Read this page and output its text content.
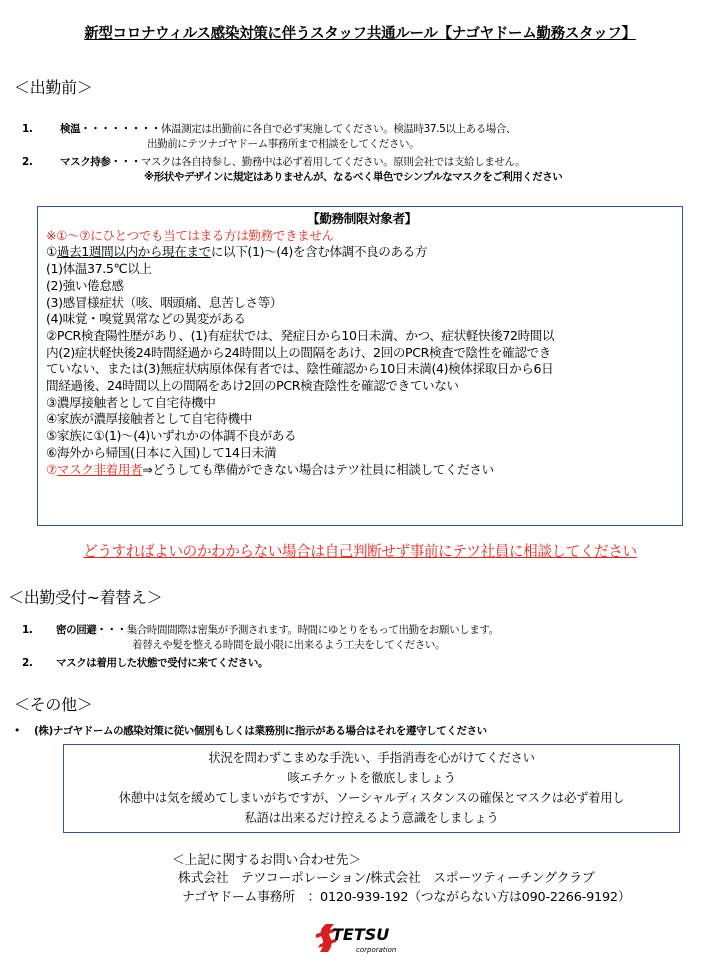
新型コロナウィルス感染対策に伴うスタッフ共通ルール【ナゴヤドーム勤務スタッフ】
＜出勤前＞
1.	検温・・・・・・・・体温測定は出勤前に各自で必ず実施してください。検温時37.5以上ある場合、
出勤前にテツナゴヤドーム事務所まで相談をしてください。
2.	マスク持参・・・マスクは各自持参し、勤務中は必ず着用してください。原則会社では支給しません。
※形状やデザインに規定はありませんが、なるべく単色でシンプルなマスクをご利用ください
【勤務制限対象者】
※①～⑦にひとつでも当てはまる方は勤務できません
①過去1週間以内から現在までに以下(1)～(4)を含む体調不良のある方
(1)体温37.5℃以上
(2)強い倦怠感
(3)感冒様症状（咳、咽頭痛、息苦しさ等）
(4)味覚・嗅覚異常などの異変がある
②PCR検査陽性歴があり、(1)有症状では、発症日から10日未満、かつ、症状軽快後72時間以
内(2)症状軽快後24時間経過から24時間以上の間隔をあけ、2回のPCR検査で陰性を確認でき
ていない、または(3)無症状病原体保有者では、陰性確認から10日未満(4)検体採取日から6日
間経過後、24時間以上の間隔をあけ2回のPCR検査陰性を確認できていない
③濃厚接触者として自宅待機中
④家族が濃厚接触者として自宅待機中
⑤家族に①(1)～(4)いずれかの体調不良がある
⑥海外から帰国(日本に入国)して14日未満
⑦マスク非着用者⇒どうしても準備ができない場合はテツ社員に相談してください
どうすればよいのかわからない場合は自己判断せず事前にテツ社員に相談してください
＜出勤受付~着替え＞
1. 密の回避・・・集合時間間際は密集が予測されます。時間にゆとりをもって出勤をお願いします。
着替えや髪を整える時間を最小限に出来るよう工夫をしてください。
2. マスクは着用した状態で受付に来てください。
＜その他＞
• (株)ナゴヤドームの感染対策に従い個別もしくは業務別に指示がある場合はそれを遵守してください
状況を問わずこまめな手洗い、手指消毒を心がけてください
咳エチケットを徹底しましょう
休憩中は気を緩めてしまいがちですが、ソーシャルディスタンスの確保とマスクは必ず着用し
私語は出来るだけ控えるよう意識をしましょう
＜上記に関するお問い合わせ先＞
株式会社　テツコーポレーション/株式会社　スポーツティーチングクラブ
ナゴヤドーム事務所　：0120-939-192（つながらない方は090-2266-9192）
TETSU
corporation
